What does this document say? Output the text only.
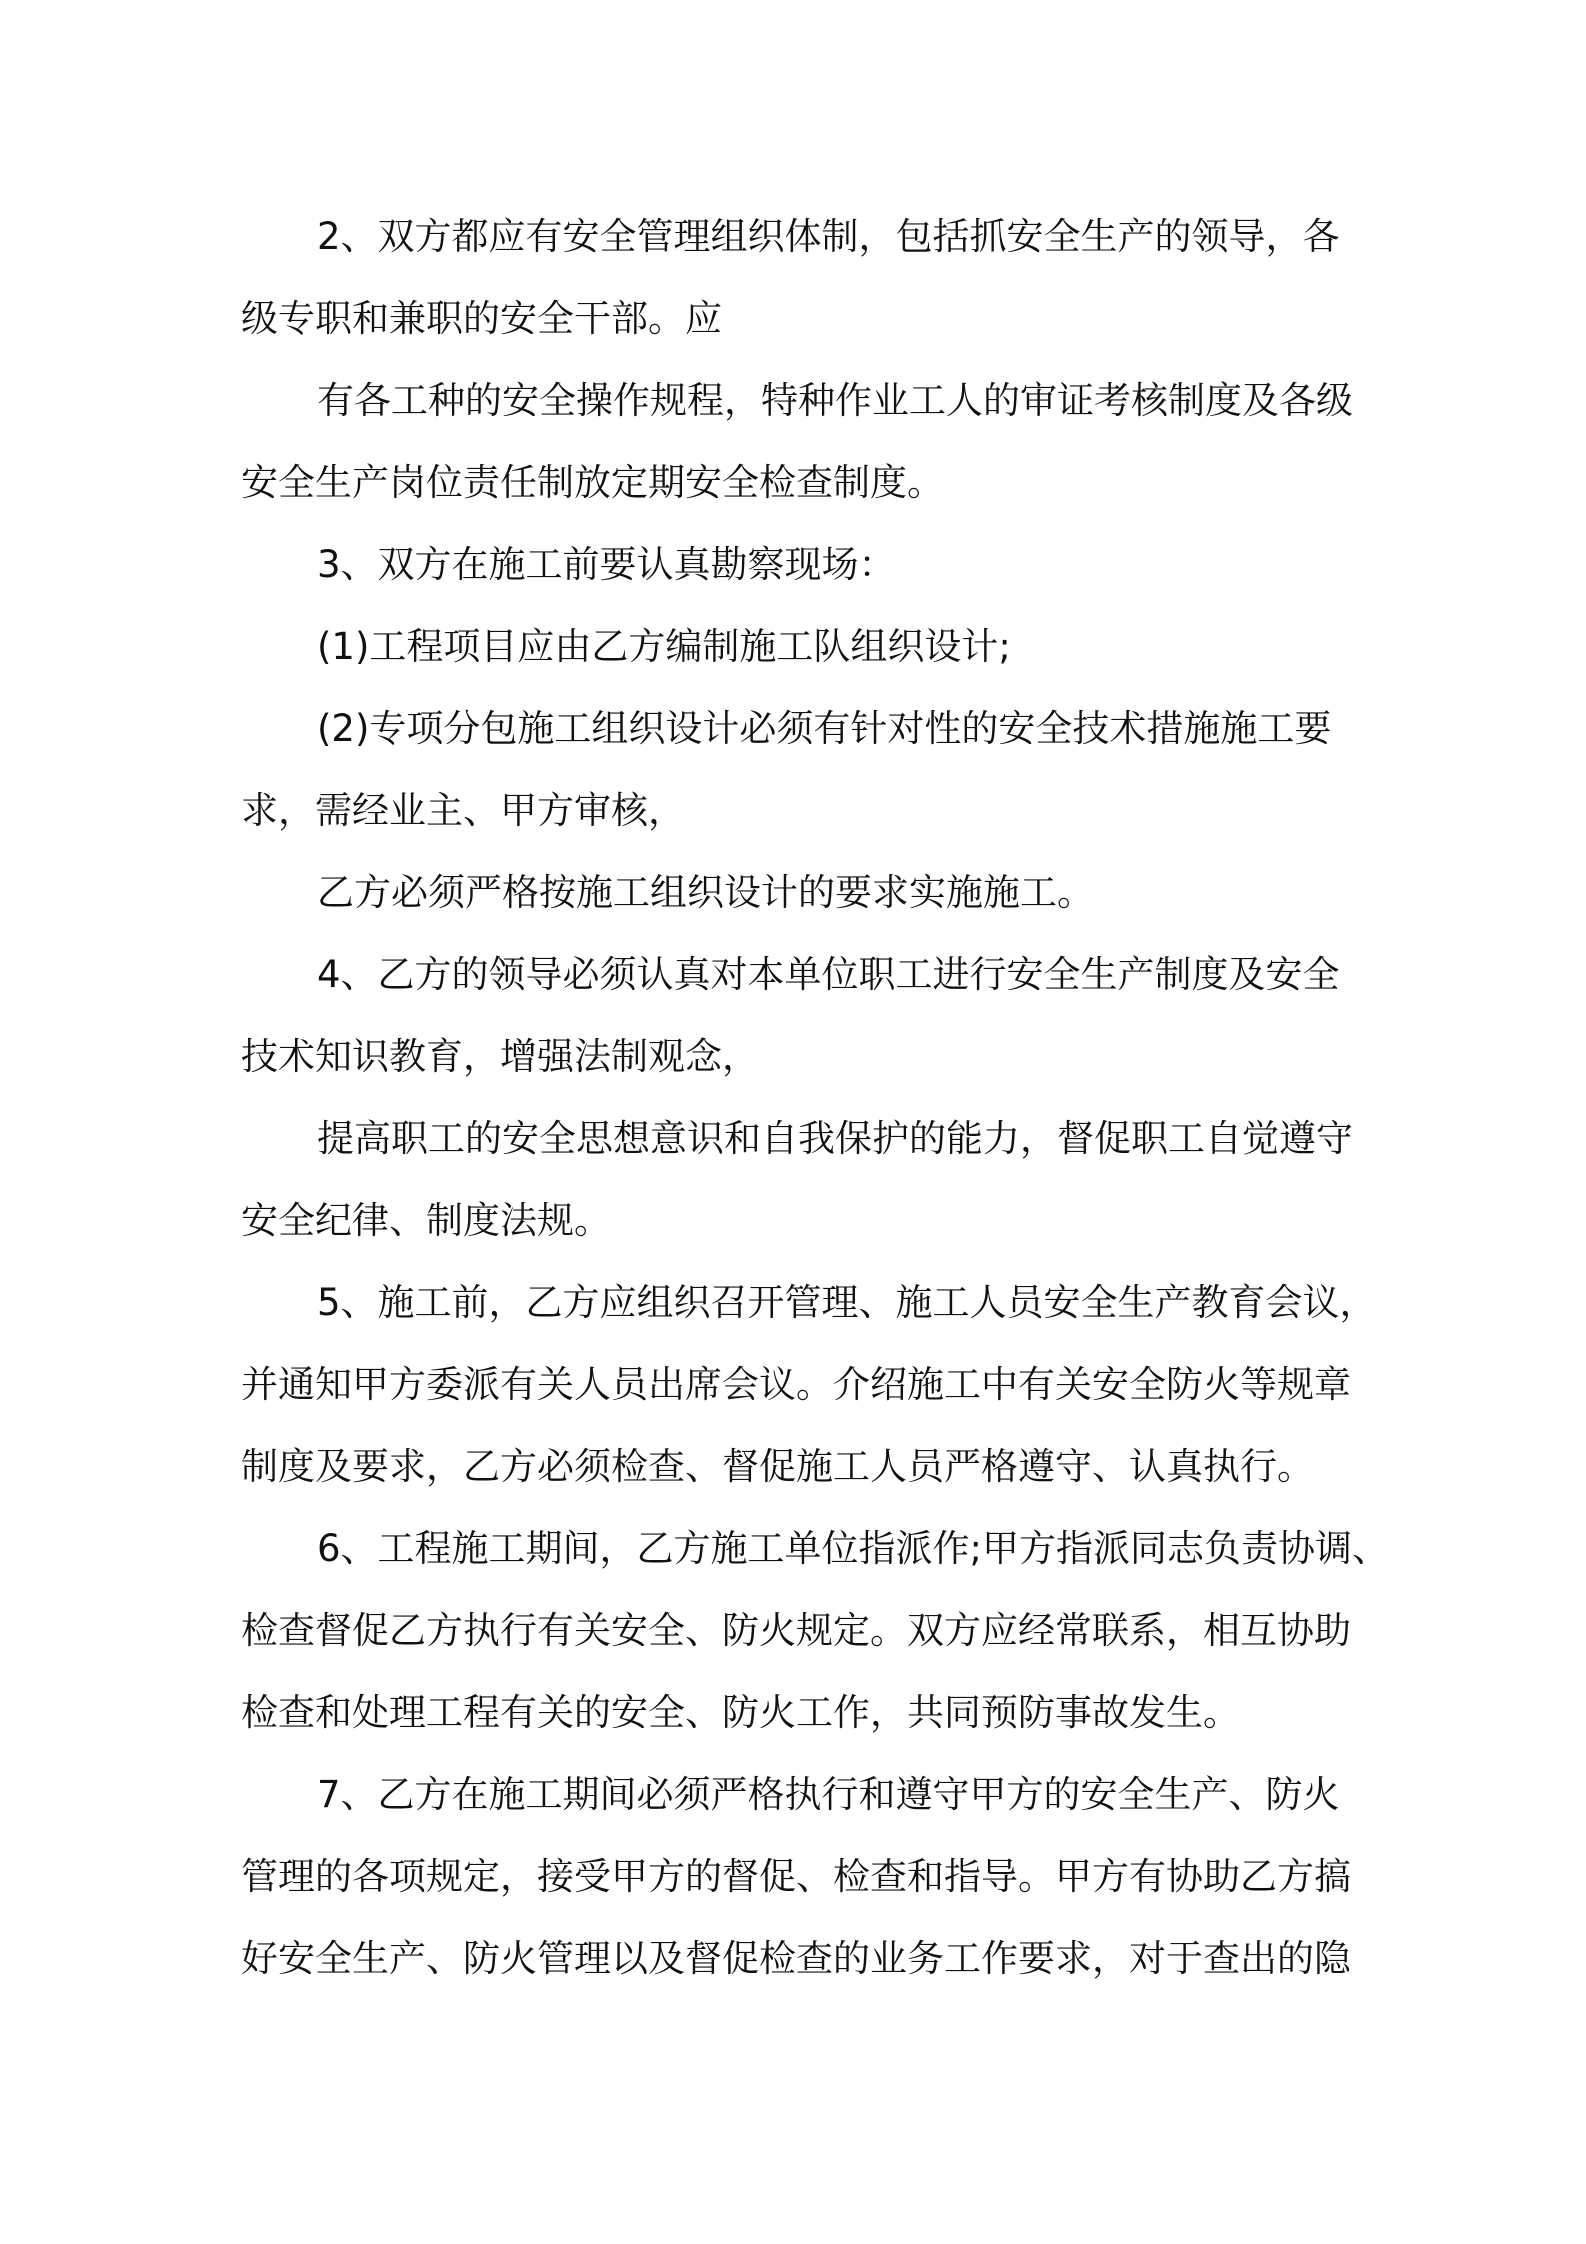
2、双方都应有安全管理组织体制，包括抓安全生产的领导，各
级专职和兼职的安全干部。应
有各工种的安全操作规程，特种作业工人的审证考核制度及各级
安全生产岗位责任制放定期安全检查制度。
3、双方在施工前要认真勘察现场：
(1)工程项目应由乙方编制施工队组织设计;
(2)专项分包施工组织设计必须有针对性的安全技术措施施工要
求，需经业主、甲方审核，
乙方必须严格按施工组织设计的要求实施施工。
4、乙方的领导必须认真对本单位职工进行安全生产制度及安全
技术知识教育，增强法制观念，
提高职工的安全思想意识和自我保护的能力，督促职工自觉遵守
安全纪律、制度法规。
5、施工前，乙方应组织召开管理、施工人员安全生产教育会议，
并通知甲方委派有关人员出席会议。介绍施工中有关安全防火等规章
制度及要求，乙方必须检查、督促施工人员严格遵守、认真执行。
6、工程施工期间，乙方施工单位指派作;甲方指派同志负责协调、
检查督促乙方执行有关安全、防火规定。双方应经常联系，相互协助
检查和处理工程有关的安全、防火工作，共同预防事故发生。
7、乙方在施工期间必须严格执行和遵守甲方的安全生产、防火
管理的各项规定，接受甲方的督促、检查和指导。甲方有协助乙方搞
好安全生产、防火管理以及督促检查的业务工作要求，对于查出的隐
